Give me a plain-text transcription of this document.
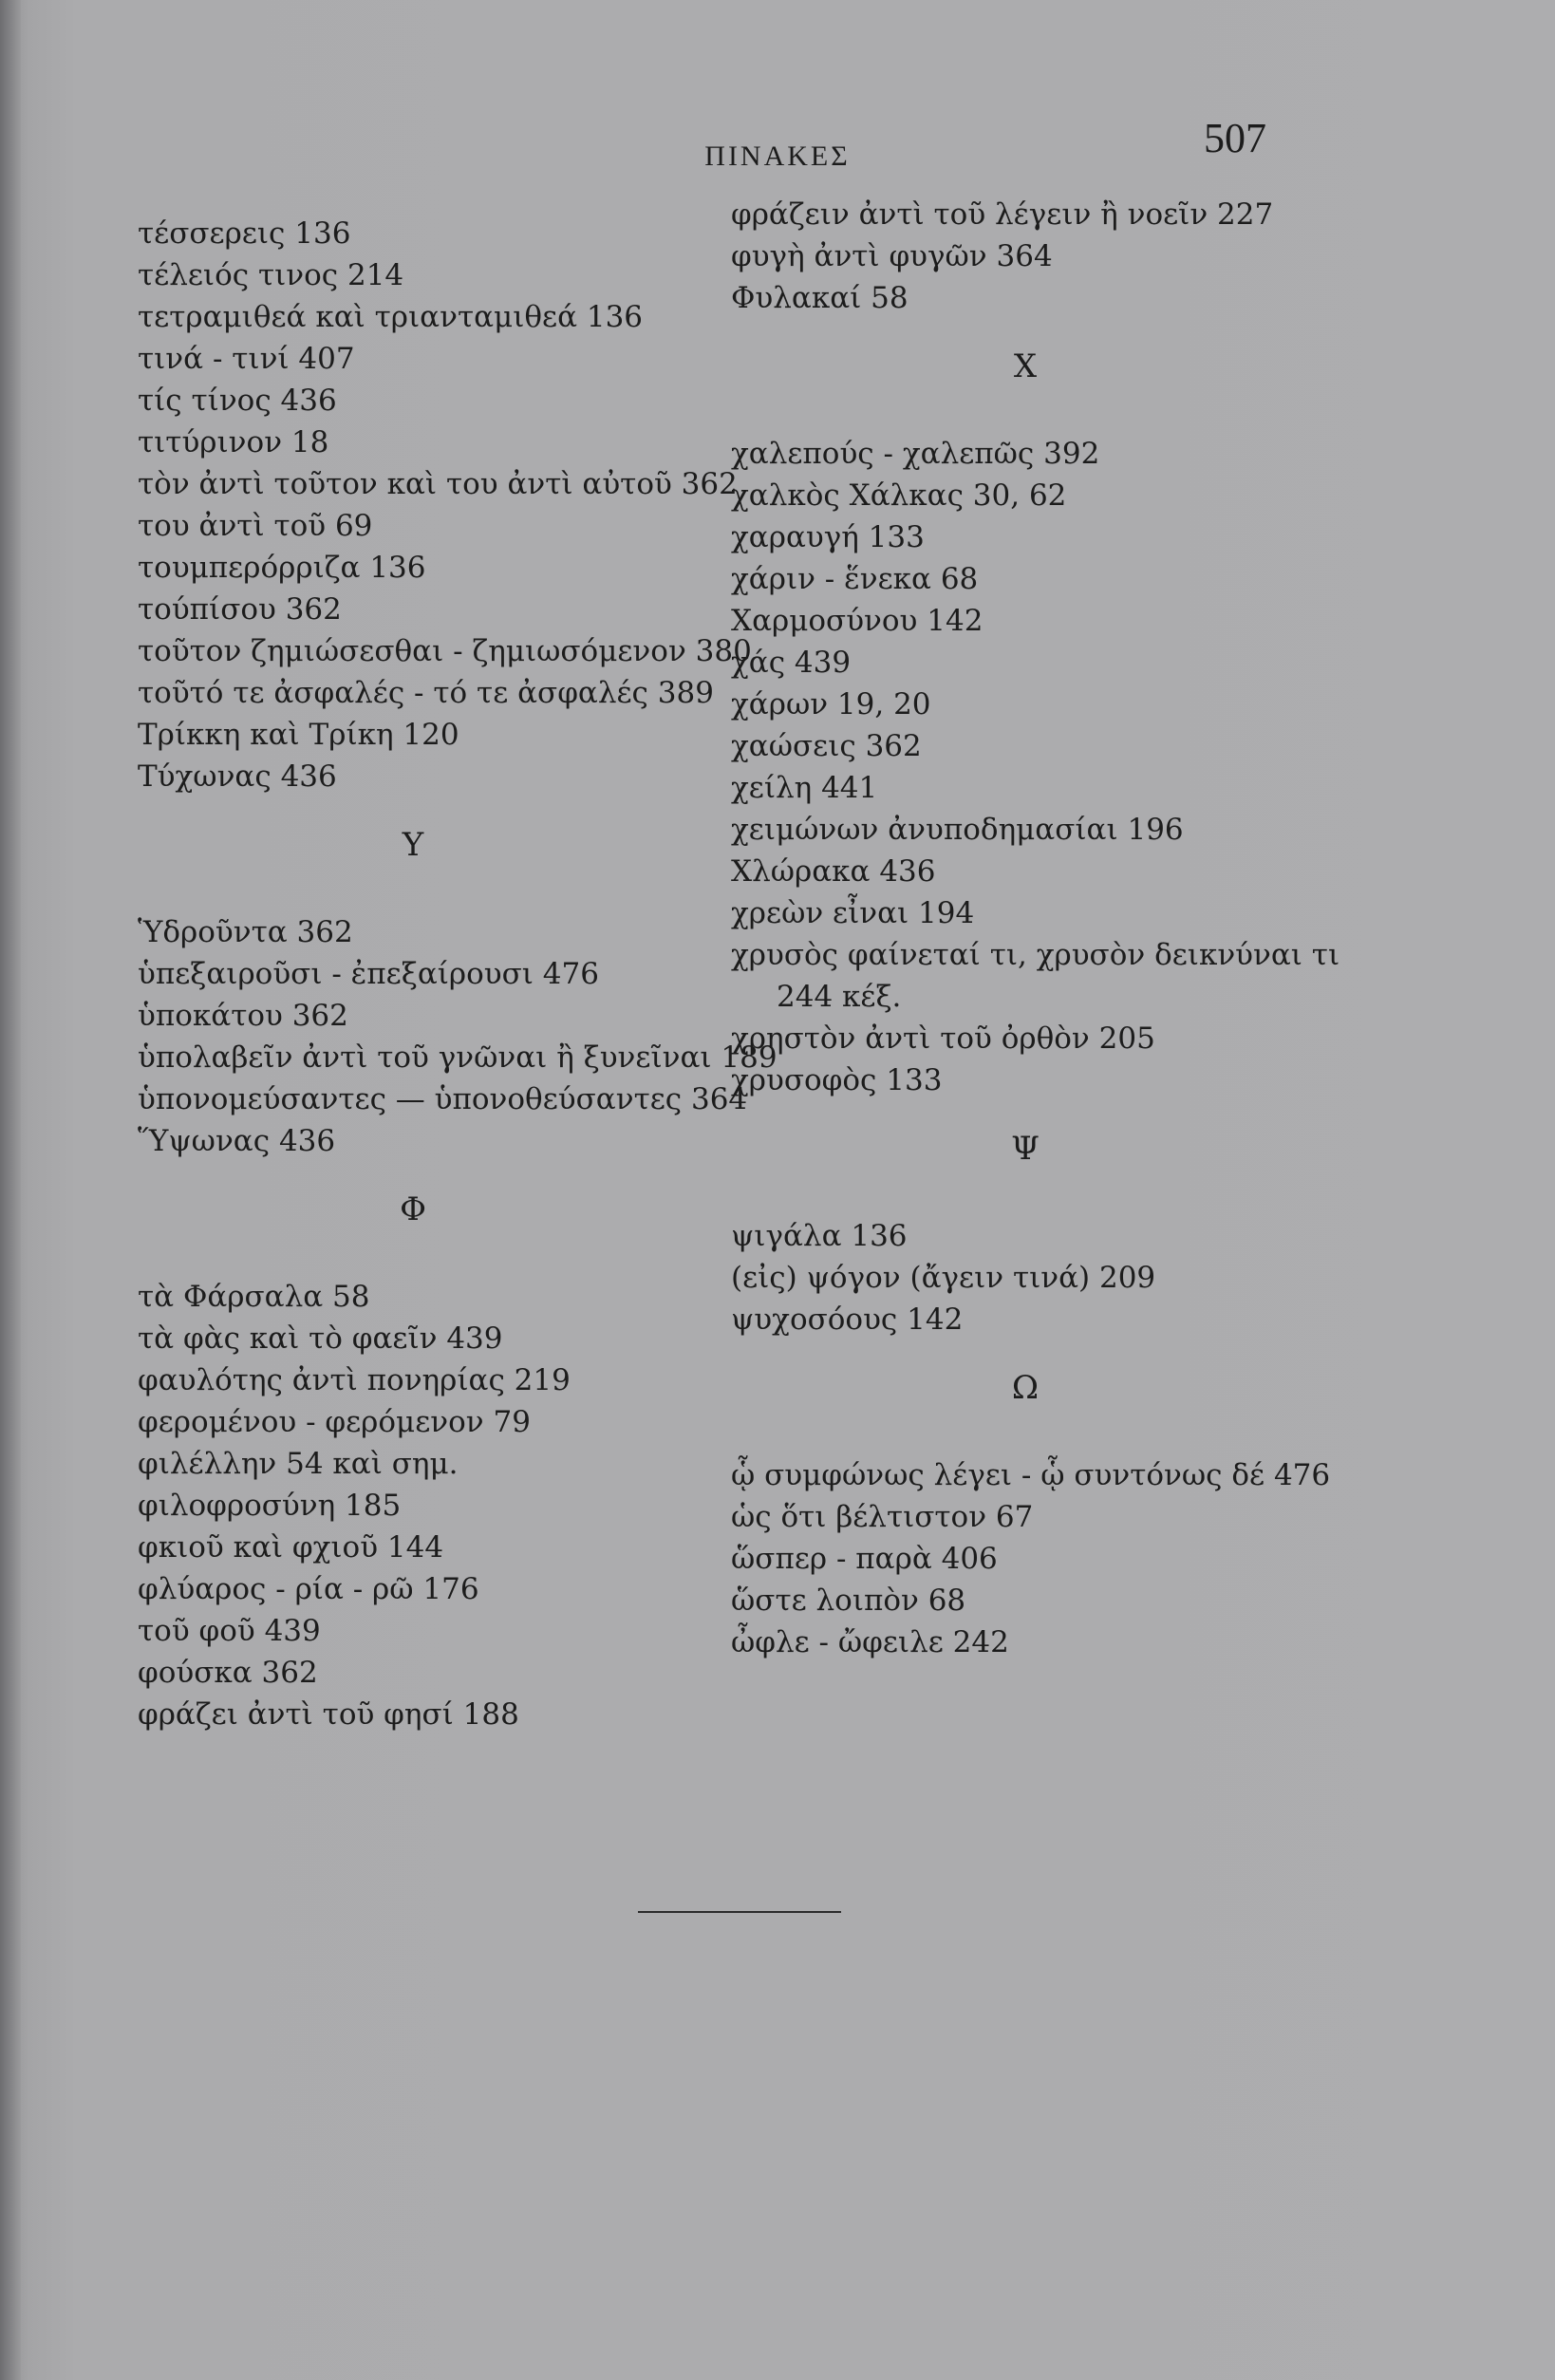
ΠΙΝΑΚΕΣ	507
τέσσερεις 136
τέλειός τινος 214
τετραμιθεά καὶ τριανταμιθεά 136
τινά - τινί 407
τίς τίνος 436
τιτύρινον 18
τὸν ἀντὶ τοῦτον καὶ του ἀντὶ αὐτοῦ 362
του ἀντὶ τοῦ 69
τουμπερόρριζα 136
τούπίσου 362
τοῦτον ζημιώσεσθαι - ζημιωσόμενον 380
τοῦτό τε ἀσφαλές - τό τε ἀσφαλές 389
Τρίκκη καὶ Τρίκη 120
Τύχωνας 436
Υ
Ὑδροῦντα 362
ὑπεξαιροῦσι - ἐπεξαίρουσι 476
ὑποκάτου 362
ὑπολαβεῖν ἀντὶ τοῦ γνῶναι ἢ ξυνεῖναι 189
ὑπονομεύσαντες — ὑπονοθεύσαντες 364
Ὕψωνας 436
Φ
τὰ Φάρσαλα 58
τὰ φὰς καὶ τὸ φαεῖν 439
φαυλότης ἀντὶ πονηρίας 219
φερομένου - φερόμενον 79
φιλέλλην 54 καὶ σημ.
φιλοφροσύνη 185
φκιοῦ καὶ φχιοῦ 144
φλύαρος - ρία - ρῶ 176
τοῦ φοῦ 439
φούσκα 362
φράζει ἀντὶ τοῦ φησί 188
φράζειν ἀντὶ τοῦ λέγειν ἢ νοεῖν 227
φυγὴ ἀντὶ φυγῶν 364
Φυλακαί 58
Χ
χαλεπούς - χαλεπῶς 392
χαλκὸς Χάλκας 30, 62
χαραυγή 133
χάριν - ἕνεκα 68
Χαρμοσύνου 142
χάς 439
χάρων 19, 20
χαώσεις 362
χείλη 441
χειμώνων ἀνυποδημασίαι 196
Χλώρακα 436
χρεὼν εἶναι 194
χρυσὸς φαίνεταί τι, χρυσὸν δεικνύναι τι
244 κέξ.
χρηστὸν ἀντὶ τοῦ ὀρθὸν 205
χρυσοφὸς 133
Ψ
ψιγάλα 136
(εἰς) ψόγον (ἄγειν τινά) 209
ψυχοσόους 142
Ω
ᾧ συμφώνως λέγει - ᾧ συντόνως δέ 476
ὡς ὅτι βέλτιστον 67
ὥσπερ - παρὰ 406
ὥστε λοιπὸν 68
ὦφλε - ὤφειλε 242
